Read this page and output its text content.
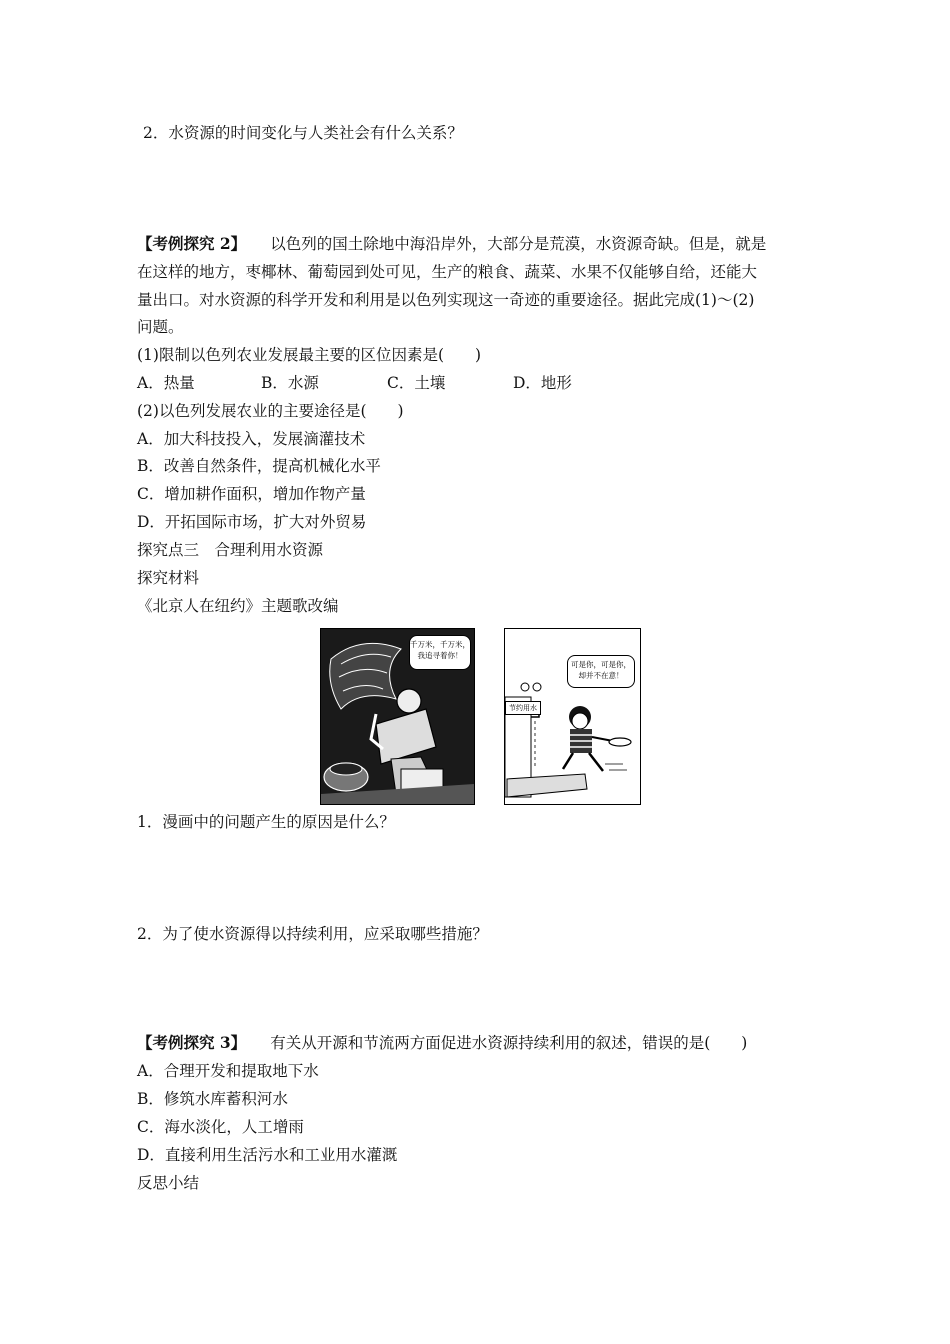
2．水资源的时间变化与人类社会有什么关系？
【考例探究 2】 以色列的国土除地中海沿岸外，大部分是荒漠，水资源奇缺。但是，就是
在这样的地方，枣椰林、葡萄园到处可见，生产的粮食、蔬菜、水果不仅能够自给，还能大
量出口。对水资源的科学开发和利用是以色列实现这一奇迹的重要途径。据此完成(1)～(2)
问题。
(1)限制以色列农业发展最主要的区位因素是(　　)
A．热量	B．水源	C．土壤	D．地形
(2)以色列发展农业的主要途径是(　　)
A．加大科技投入，发展滴灌技术
B．改善自然条件，提高机械化水平
C．增加耕作面积，增加作物产量
D．开拓国际市场，扩大对外贸易
探究点三　合理利用水资源
探究材料
《北京人在纽约》主题歌改编
千万米，千万米，
我追寻着你！
节约用水
可是你，可是你，
却并不在意！
1．漫画中的问题产生的原因是什么？
2．为了使水资源得以持续利用，应采取哪些措施？
【考例探究 3】 有关从开源和节流两方面促进水资源持续利用的叙述，错误的是(　　)
A．合理开发和提取地下水
B．修筑水库蓄积河水
C．海水淡化，人工增雨
D．直接利用生活污水和工业用水灌溉
反思小结
